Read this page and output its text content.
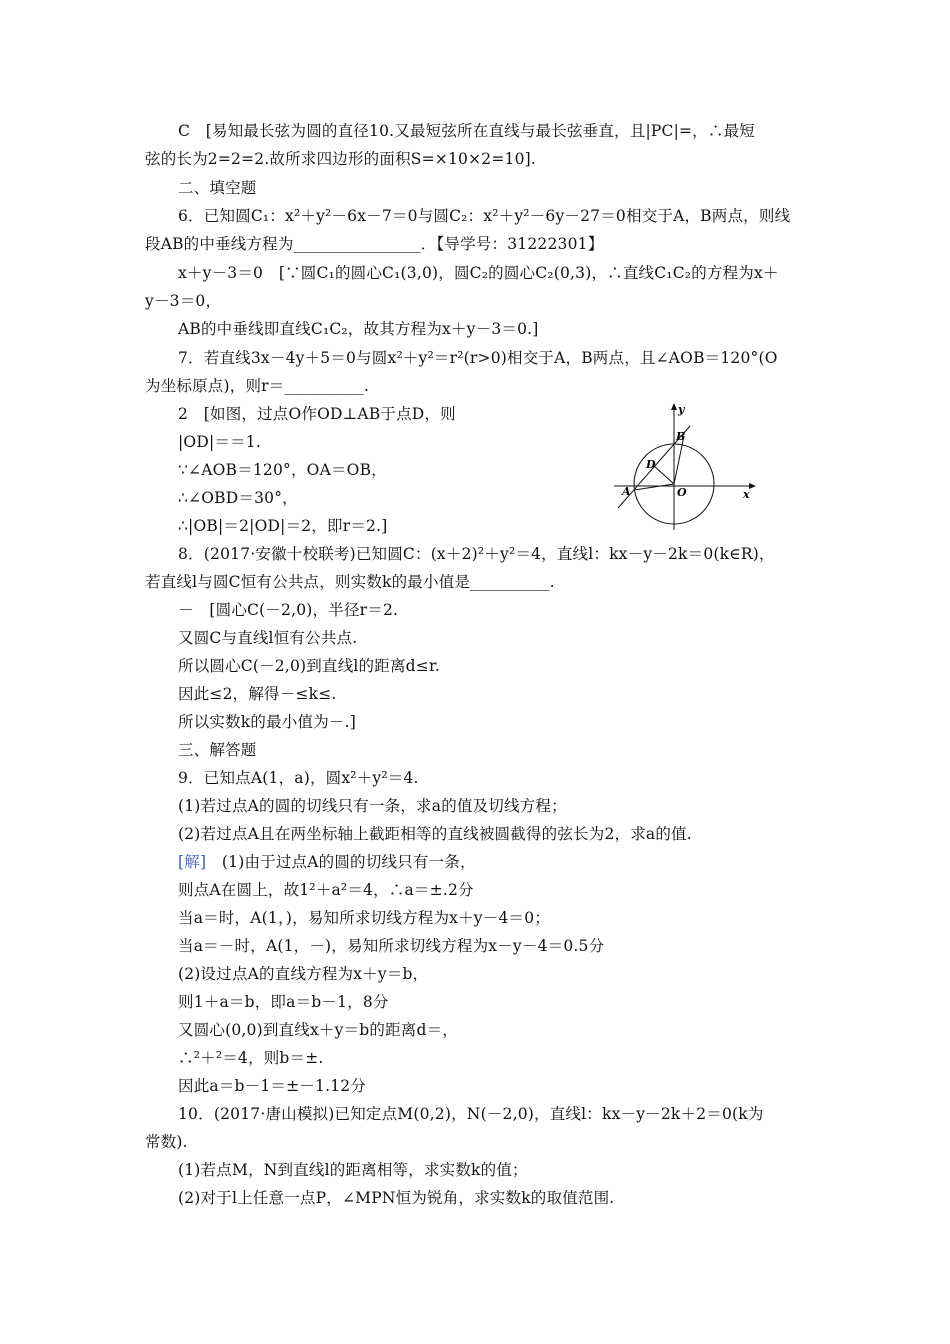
C　[易知最长弦为圆的直径10.又最短弦所在直线与最长弦垂直，且|PC|=，∴最短
弦的长为2=2=2.故所求四边形的面积S=×10×2=10].
二、填空题
6．已知圆C₁：x²＋y²－6x－7＝0与圆C₂：x²＋y²－6y－27＝0相交于A，B两点，则线
段AB的中垂线方程为________________．【导学号：31222301】
x＋y－3＝0　[∵圆C₁的圆心C₁(3,0)，圆C₂的圆心C₂(0,3)，∴直线C₁C₂的方程为x＋
y－3＝0，
AB的中垂线即直线C₁C₂，故其方程为x＋y－3＝0.]
7．若直线3x－4y＋5＝0与圆x²＋y²＝r²(r>0)相交于A，B两点，且∠AOB＝120°(O
为坐标原点)，则r＝__________.
2　[如图，过点O作OD⊥AB于点D，则
|OD|＝＝1.
∵∠AOB＝120°，OA＝OB，
∴∠OBD＝30°，
∴|OB|＝2|OD|＝2，即r＝2.]
y
x
B
D
A	O
8．(2017·安徽十校联考)已知圆C：(x＋2)²＋y²＝4，直线l：kx－y－2k＝0(k∈R)，
若直线l与圆C恒有公共点，则实数k的最小值是__________.
－　[圆心C(－2,0)，半径r＝2.
又圆C与直线l恒有公共点.
所以圆心C(－2,0)到直线l的距离d≤r.
因此≤2，解得－≤k≤.
所以实数k的最小值为－.]
三、解答题
9．已知点A(1，a)，圆x²＋y²＝4.
(1)若过点A的圆的切线只有一条，求a的值及切线方程；
(2)若过点A且在两坐标轴上截距相等的直线被圆截得的弦长为2，求a的值.
[解]　(1)由于过点A的圆的切线只有一条，
则点A在圆上，故1²＋a²＝4，∴a＝±.2分
当a＝时，A(1，)，易知所求切线方程为x＋y－4＝0；
当a＝－时，A(1，－)，易知所求切线方程为x－y－4＝0.5分
(2)设过点A的直线方程为x＋y＝b，
则1＋a＝b，即a＝b－1，8分
又圆心(0,0)到直线x＋y＝b的距离d＝，
∴²＋²＝4，则b＝±.
因此a＝b－1＝±－1.12分
10．(2017·唐山模拟)已知定点M(0,2)，N(－2,0)，直线l：kx－y－2k＋2＝0(k为
常数).
(1)若点M，N到直线l的距离相等，求实数k的值；
(2)对于l上任意一点P，∠MPN恒为锐角，求实数k的取值范围.
